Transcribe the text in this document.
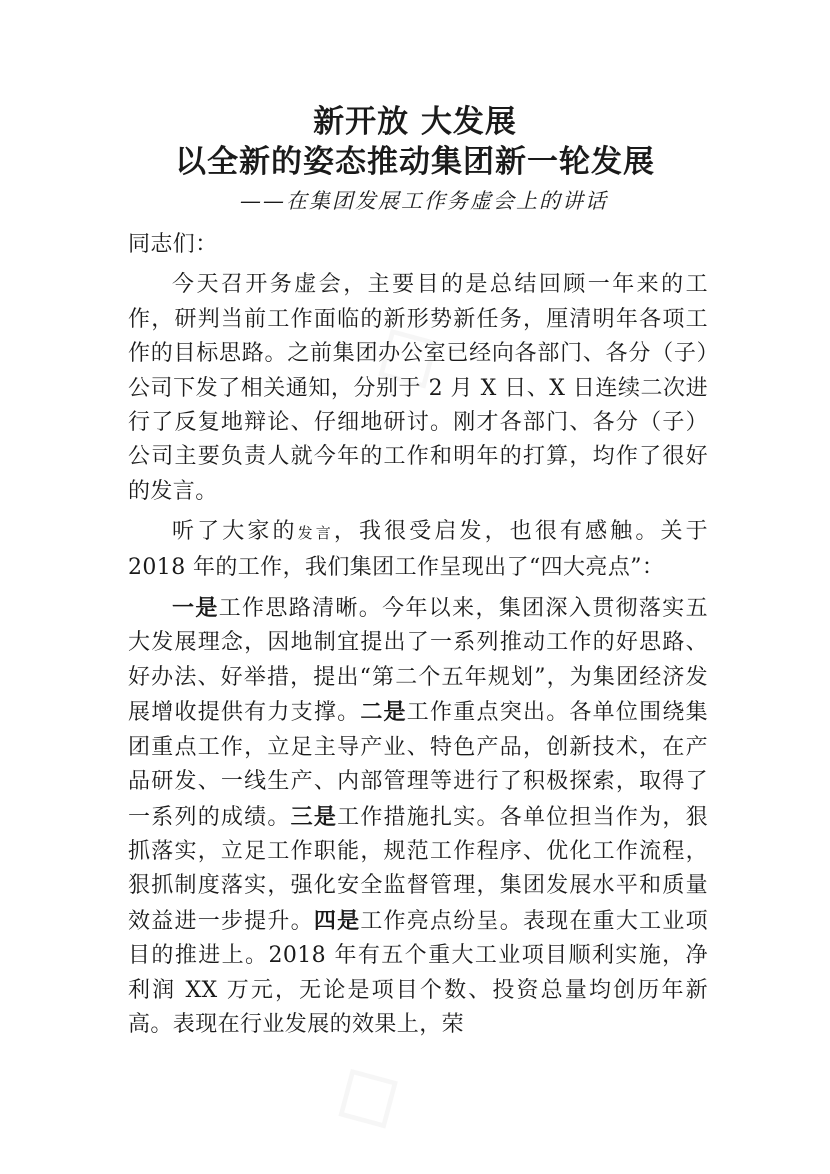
新开放 大发展
以全新的姿态推动集团新一轮发展
——在集团发展工作务虚会上的讲话

同志们：

今天召开务虚会，主要目的是总结回顾一年来的工作，研判当前工作面临的新形势新任务，厘清明年各项工作的目标思路。之前集团办公室已经向各部门、各分（子）公司下发了相关通知，分别于 2 月 X 日、X 日连续二次进行了反复地辩论、仔细地研讨。刚才各部门、各分（子）公司主要负责人就今年的工作和明年的打算，均作了很好的发言。

听了大家的发言，我很受启发，也很有感触。关于 2018 年的工作，我们集团工作呈现出了“四大亮点”：

一是工作思路清晰。今年以来，集团深入贯彻落实五大发展理念，因地制宜提出了一系列推动工作的好思路、好办法、好举措，提出“第二个五年规划”，为集团经济发展增收提供有力支撑。二是工作重点突出。各单位围绕集团重点工作，立足主导产业、特色产品，创新技术，在产品研发、一线生产、内部管理等进行了积极探索，取得了一系列的成绩。三是工作措施扎实。各单位担当作为，狠抓落实，立足工作职能，规范工作程序、优化工作流程，狠抓制度落实，强化安全监督管理，集团发展水平和质量效益进一步提升。四是工作亮点纷呈。表现在重大工业项目的推进上。2018 年有五个重大工业项目顺利实施，净利润 XX 万元，无论是项目个数、投资总量均创历年新高。表现在行业发展的效果上，荣
